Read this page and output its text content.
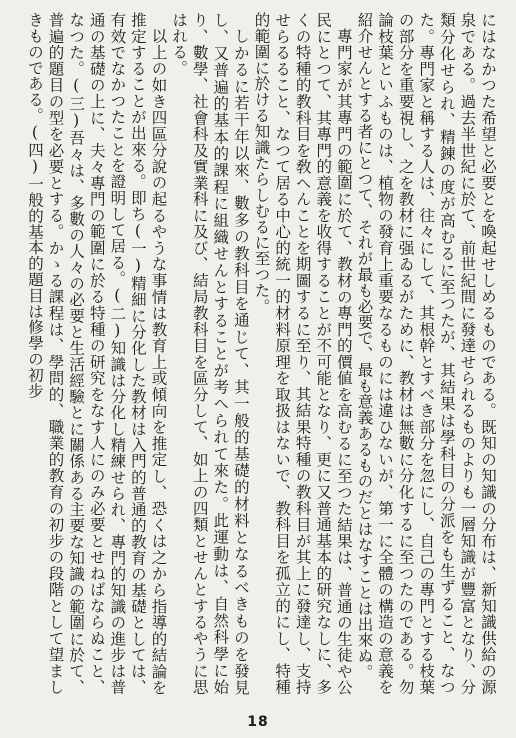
にはなかつた希望と必要とを喚起せしめるものである。既知の知識の分布は、新知識供給の源泉である。過去半世紀に於て、前世紀間に發達せられるものよりも一層知識が豐富となり、分類分化せられ、精錬の度が高むるに至つたが、其結果は學科目の分派をも生ずること、なつた。專門家と稱する人は、往々にして、其根幹とすべき部分を忽にし、自己の專門とする枝葉の部分を重要視し、之を教材に强ゐるがために、教材は無數に分化するに至つたのである。勿論枝葉といふものは、植物の發育上重要なるものには違ひないが、第一に全體の構造の意義を紹介せんとする者にとつて、それが最も必要で、最も意義あるものだとはなすことは出來ぬ。

專門家が其專門の範圍に於て、教材の專門的價値を高むるに至つた結果は、普通の生徒や公民にとつて、其專門的意義を收得することが不可能となり、更に又普通基本的研究なしに、多くの特種的教科目を敎へんことを期圖するに至り、其結果特種の教科目が其上に發達し、支持せらるること、なつて居る中心的統一的材料原理を取扱はないで、教科目を孤立的にし、特種的範圍に於ける知識たらしむるに至つた。

しかるに若干年以來、數多の教科目を通じて、其一般的基礎的材料となるべきものを發見し、又普遍的基本的課程に組織せんとすることが考へられて來た。此運動は、自然科學に始り、數學、社會科及實業科に及び、結局教科目を區分して、如上の四類とせんとするやうに思はれる。

以上の如き四區分說の起るやうな事情は教育上或傾向を推定し、恐くは之から指導的結論を推定することが出來る。即ち(一)精細に分化した教材は入門的普通的教育の基礎としては、有效でなかつたことを證明して居る。(二)知識は分化し精練せられ、專門的知識の進步は普通の基礎の上に、夫々專門の範圍に於る特種の研究をなす人にのみ必要とせねばならぬこと、なつた。(三)吾々は、多數の人々の必要と生活經驗とに關係ある主要な知識の範圍に於て、普遍的題目の型を必要とする。かゝる課程は、學問的、職業的教育の初步の段階として望ましきものである。(四)一般的基本的題目は修學の初步

18
